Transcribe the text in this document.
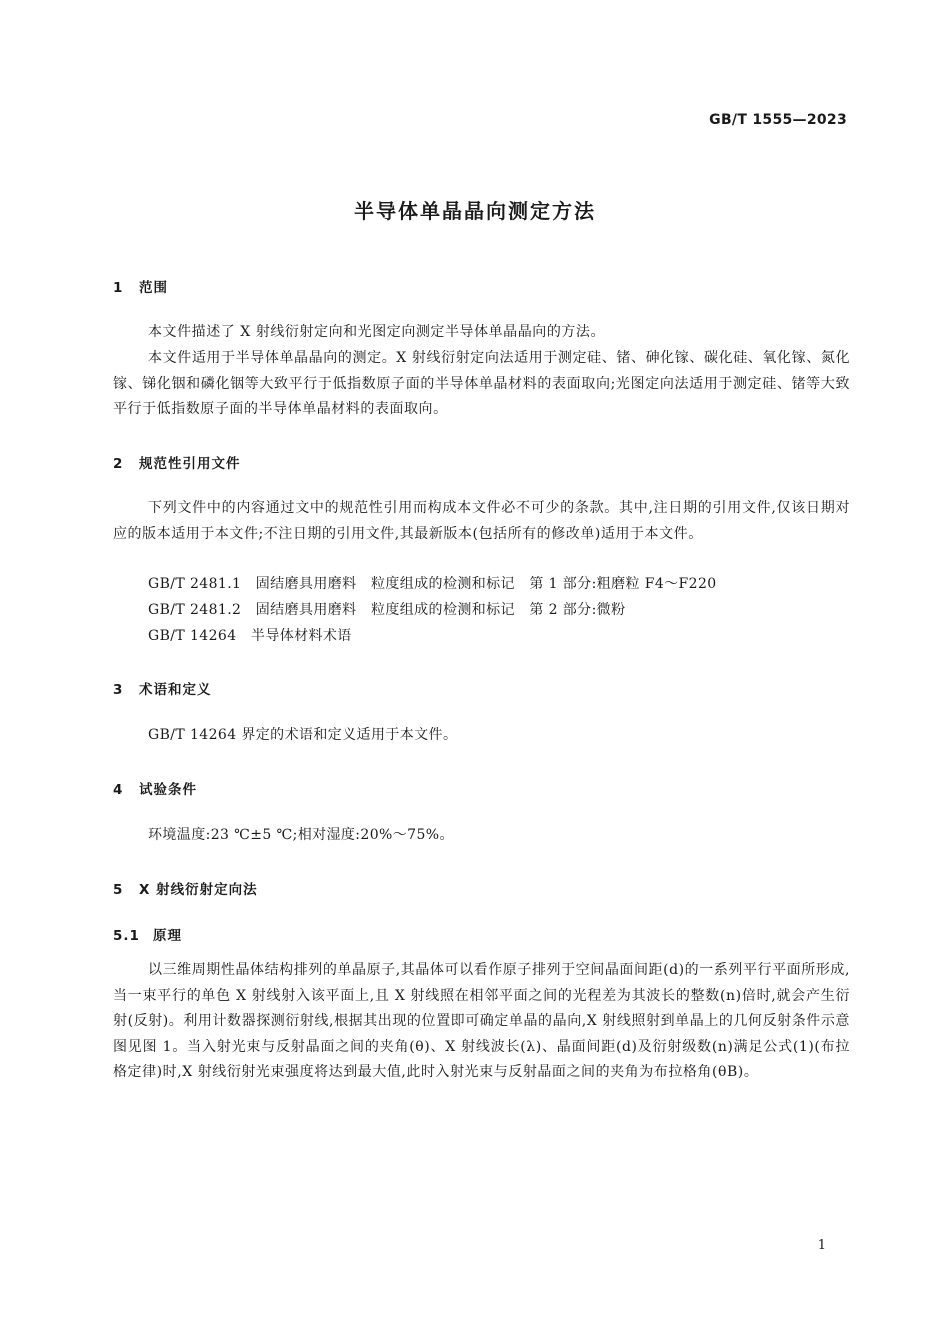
GB/T 1555—2023
半导体单晶晶向测定方法
1 范围
本文件描述了 X 射线衍射定向和光图定向测定半导体单晶晶向的方法。
本文件适用于半导体单晶晶向的测定。X 射线衍射定向法适用于测定硅、锗、砷化镓、碳化硅、氧化镓、氮化镓、锑化铟和磷化铟等大致平行于低指数原子面的半导体单晶材料的表面取向;光图定向法适用于测定硅、锗等大致平行于低指数原子面的半导体单晶材料的表面取向。
2 规范性引用文件
下列文件中的内容通过文中的规范性引用而构成本文件必不可少的条款。其中,注日期的引用文件,仅该日期对应的版本适用于本文件;不注日期的引用文件,其最新版本(包括所有的修改单)适用于本文件。
GB/T 2481.1　固结磨具用磨料　粒度组成的检测和标记　第 1 部分:粗磨粒 F4～F220
GB/T 2481.2　固结磨具用磨料　粒度组成的检测和标记　第 2 部分:微粉
GB/T 14264　半导体材料术语
3 术语和定义
GB/T 14264 界定的术语和定义适用于本文件。
4 试验条件
环境温度:23 ℃±5 ℃;相对湿度:20%～75%。
5 X 射线衍射定向法
5.1 原理
以三维周期性晶体结构排列的单晶原子,其晶体可以看作原子排列于空间晶面间距(d)的一系列平行平面所形成,当一束平行的单色 X 射线射入该平面上,且 X 射线照在相邻平面之间的光程差为其波长的整数(n)倍时,就会产生衍射(反射)。利用计数器探测衍射线,根据其出现的位置即可确定单晶的晶向,X 射线照射到单晶上的几何反射条件示意图见图 1。当入射光束与反射晶面之间的夹角(θ)、X 射线波长(λ)、晶面间距(d)及衍射级数(n)满足公式(1)(布拉格定律)时,X 射线衍射光束强度将达到最大值,此时入射光束与反射晶面之间的夹角为布拉格角(θB)。
1
